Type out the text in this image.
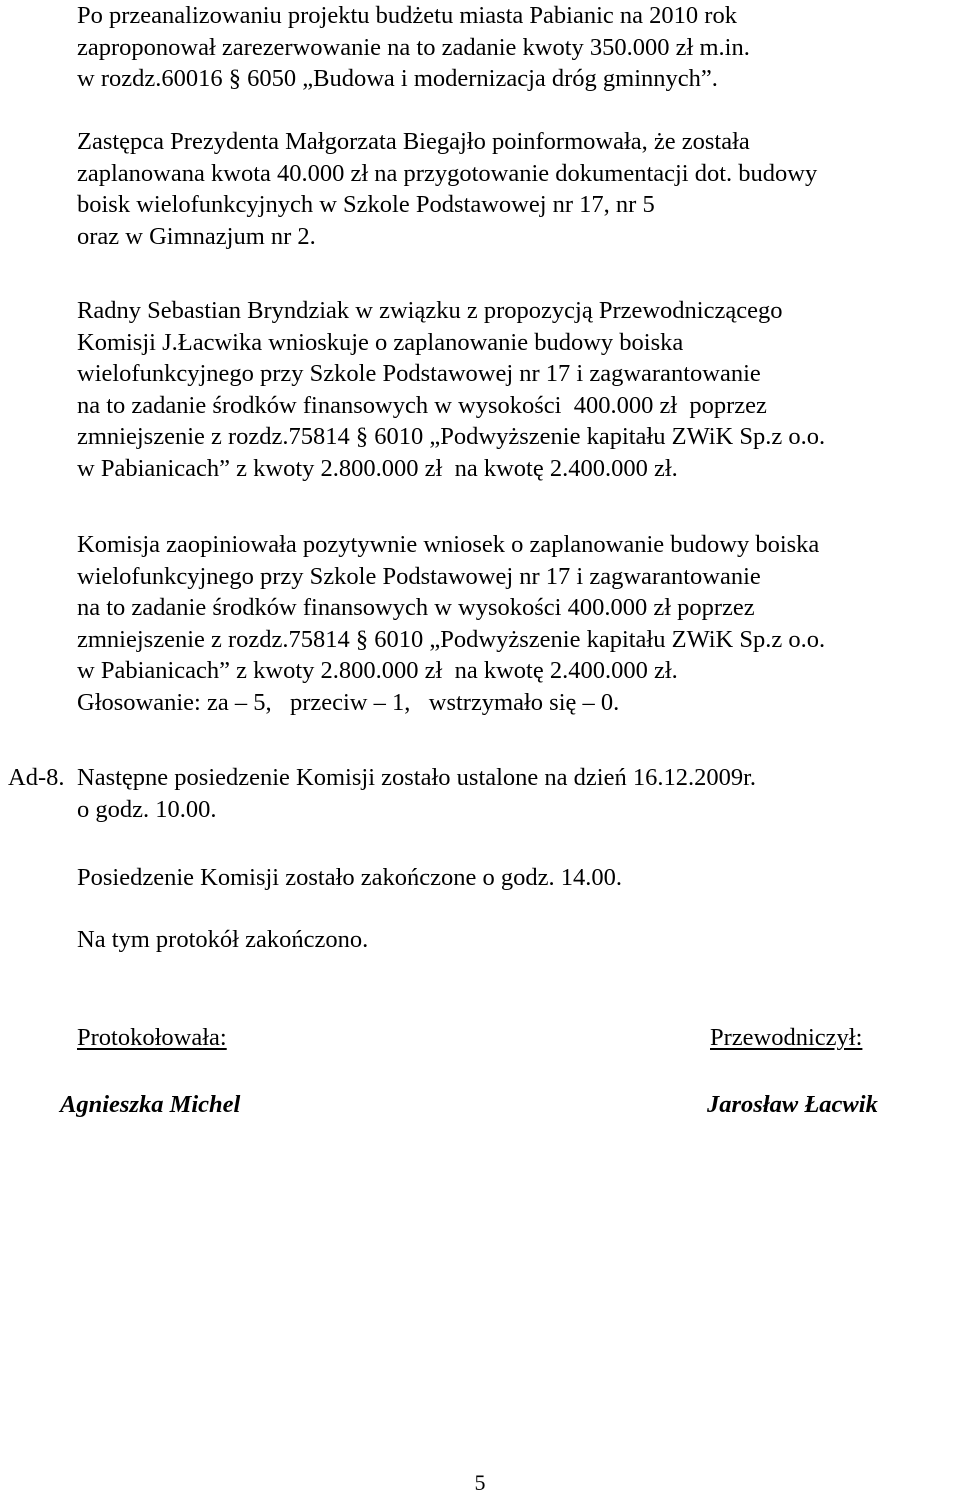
Po przeanalizowaniu projektu budżetu miasta Pabianic na 2010 rok
zaproponował zarezerwowanie na to zadanie kwoty 350.000 zł m.in.
w rozdz.60016 § 6050 „Budowa i modernizacja dróg gminnych”.
Zastępca Prezydenta Małgorzata Biegajło poinformowała, że została
zaplanowana kwota 40.000 zł na przygotowanie dokumentacji dot. budowy
boisk wielofunkcyjnych w Szkole Podstawowej nr 17, nr 5
oraz w Gimnazjum nr 2.
Radny Sebastian Bryndziak w związku z propozycją Przewodniczącego
Komisji J.Łacwika wnioskuje o zaplanowanie budowy boiska
wielofunkcyjnego przy Szkole Podstawowej nr 17 i zagwarantowanie
na to zadanie środków finansowych w wysokości  400.000 zł  poprzez
zmniejszenie z rozdz.75814 § 6010 „Podwyższenie kapitału ZWiK Sp.z o.o.
w Pabianicach” z kwoty 2.800.000 zł  na kwotę 2.400.000 zł.
Komisja zaopiniowała pozytywnie wniosek o zaplanowanie budowy boiska
wielofunkcyjnego przy Szkole Podstawowej nr 17 i zagwarantowanie
na to zadanie środków finansowych w wysokości 400.000 zł poprzez
zmniejszenie z rozdz.75814 § 6010 „Podwyższenie kapitału ZWiK Sp.z o.o.
w Pabianicach” z kwoty 2.800.000 zł  na kwotę 2.400.000 zł.
Głosowanie: za – 5,   przeciw – 1,   wstrzymało się – 0.
Ad-8. Następne posiedzenie Komisji zostało ustalone na dzień 16.12.2009r.
o godz. 10.00.
Posiedzenie Komisji zostało zakończone o godz. 14.00.
Na tym protokół zakończono.
Protokołowała:	Przewodniczył:
Agnieszka Michel	Jarosław Łacwik
5
